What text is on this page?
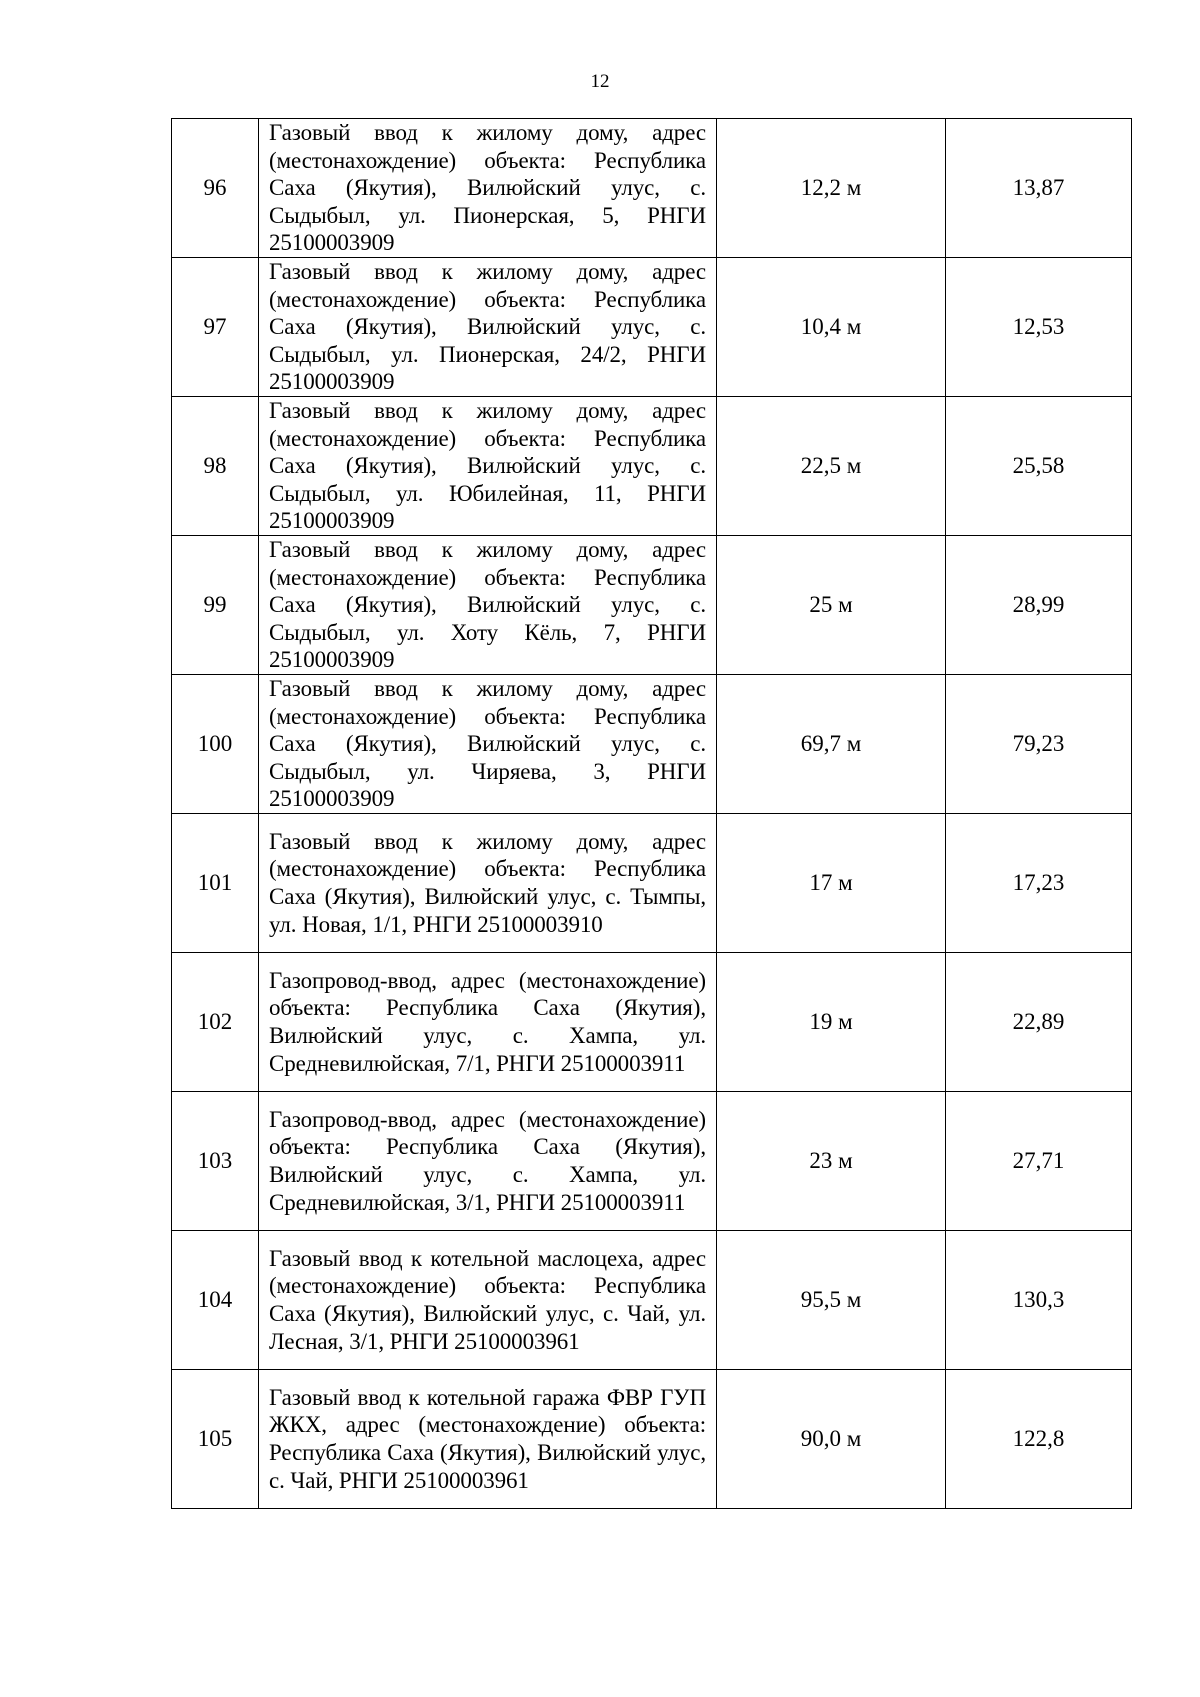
12
96	Газовый ввод к жилому дому, адрес (местонахождение) объекта: Республика Саха (Якутия), Вилюйский улус, с. Сыдыбыл, ул. Пионерская, 5, РНГИ 25100003909	12,2 м	13,87
97	Газовый ввод к жилому дому, адрес (местонахождение) объекта: Республика Саха (Якутия), Вилюйский улус, с. Сыдыбыл, ул. Пионерская, 24/2, РНГИ 25100003909	10,4 м	12,53
98	Газовый ввод к жилому дому, адрес (местонахождение) объекта: Республика Саха (Якутия), Вилюйский улус, с. Сыдыбыл, ул. Юбилейная, 11, РНГИ 25100003909	22,5 м	25,58
99	Газовый ввод к жилому дому, адрес (местонахождение) объекта: Республика Саха (Якутия), Вилюйский улус, с. Сыдыбыл, ул. Хоту Кёль, 7, РНГИ 25100003909	25 м	28,99
100	Газовый ввод к жилому дому, адрес (местонахождение) объекта: Республика Саха (Якутия), Вилюйский улус, с. Сыдыбыл, ул. Чиряева, 3, РНГИ 25100003909	69,7 м	79,23
101	Газовый ввод к жилому дому, адрес (местонахождение) объекта: Республика Саха (Якутия), Вилюйский улус, с. Тымпы, ул. Новая, 1/1, РНГИ 25100003910	17 м	17,23
102	Газопровод-ввод, адрес (местонахождение) объекта: Республика Саха (Якутия), Вилюйский улус, с. Хампа, ул. Средневилюйская, 7/1, РНГИ 25100003911	19 м	22,89
103	Газопровод-ввод, адрес (местонахождение) объекта: Республика Саха (Якутия), Вилюйский улус, с. Хампа, ул. Средневилюйская, 3/1, РНГИ 25100003911	23 м	27,71
104	Газовый ввод к котельной маслоцеха, адрес (местонахождение) объекта: Республика Саха (Якутия), Вилюйский улус, с. Чай, ул. Лесная, 3/1, РНГИ 25100003961	95,5 м	130,3
105	Газовый ввод к котельной гаража ФВР ГУП ЖКХ, адрес (местонахождение) объекта: Республика Саха (Якутия), Вилюйский улус, с. Чай, РНГИ 25100003961	90,0 м	122,8
